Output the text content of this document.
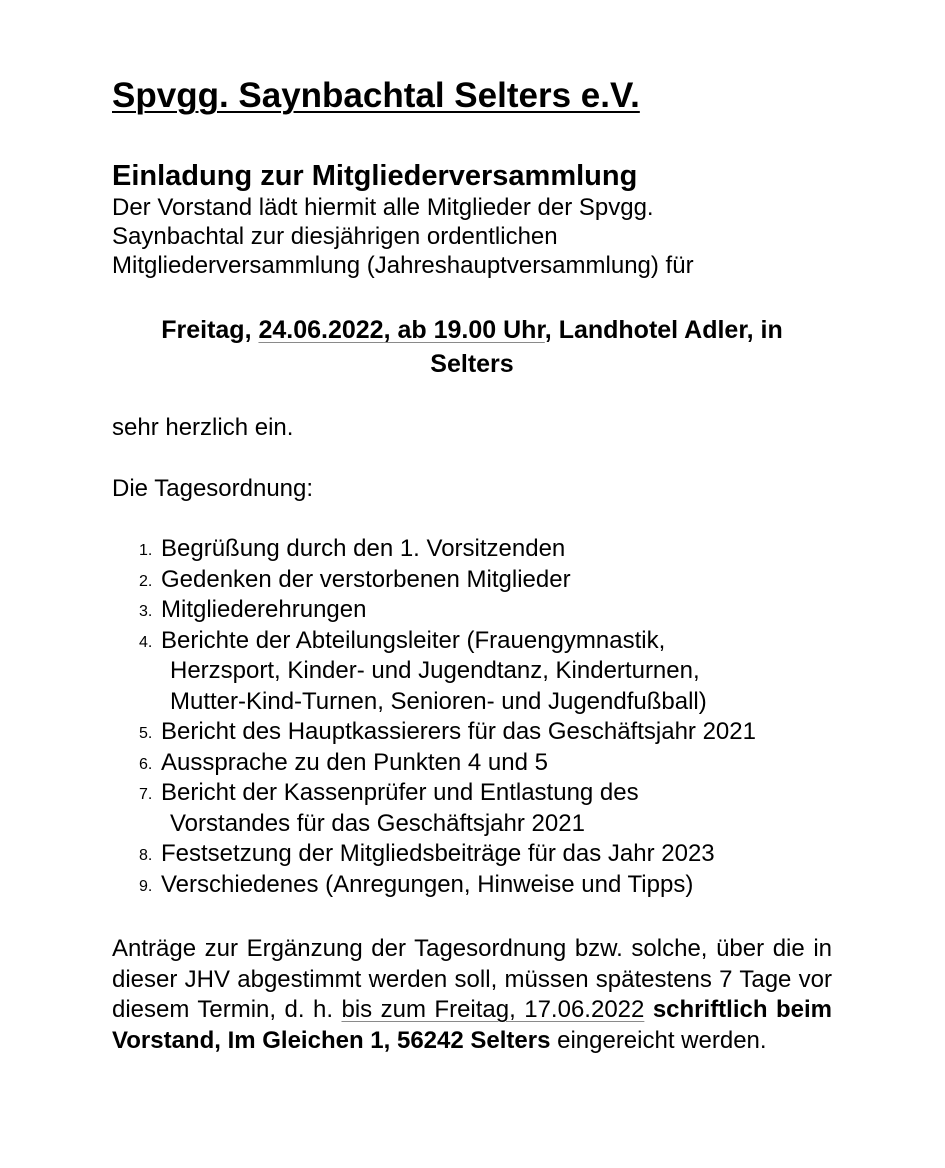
Spvgg. Saynbachtal Selters e.V.
Einladung zur Mitgliederversammlung

Der Vorstand lädt hiermit alle Mitglieder der Spvgg.
Saynbachtal zur diesjährigen ordentlichen
Mitgliederversammlung (Jahreshauptversammlung) für

Freitag, 24.06.2022, ab 19.00 Uhr, Landhotel Adler, in
Selters

sehr herzlich ein.

Die Tagesordnung:

1. Begrüßung durch den 1. Vorsitzenden
2. Gedenken der verstorbenen Mitglieder
3. Mitgliederehrungen
4. Berichte der Abteilungsleiter (Frauengymnastik,
Herzsport, Kinder- und Jugendtanz, Kinderturnen,
Mutter-Kind-Turnen, Senioren- und Jugendfußball)
5. Bericht des Hauptkassierers für das Geschäftsjahr 2021
6. Aussprache zu den Punkten 4 und 5
7. Bericht der Kassenprüfer und Entlastung des
Vorstandes für das Geschäftsjahr 2021
8. Festsetzung der Mitgliedsbeiträge für das Jahr 2023
9. Verschiedenes (Anregungen, Hinweise und Tipps)

Anträge zur Ergänzung der Tagesordnung bzw. solche, über die in dieser JHV abgestimmt werden soll, müssen spätestens 7 Tage vor diesem Termin, d. h. bis zum Freitag, 17.06.2022 schriftlich beim Vorstand, Im Gleichen 1, 56242 Selters eingereicht werden.
